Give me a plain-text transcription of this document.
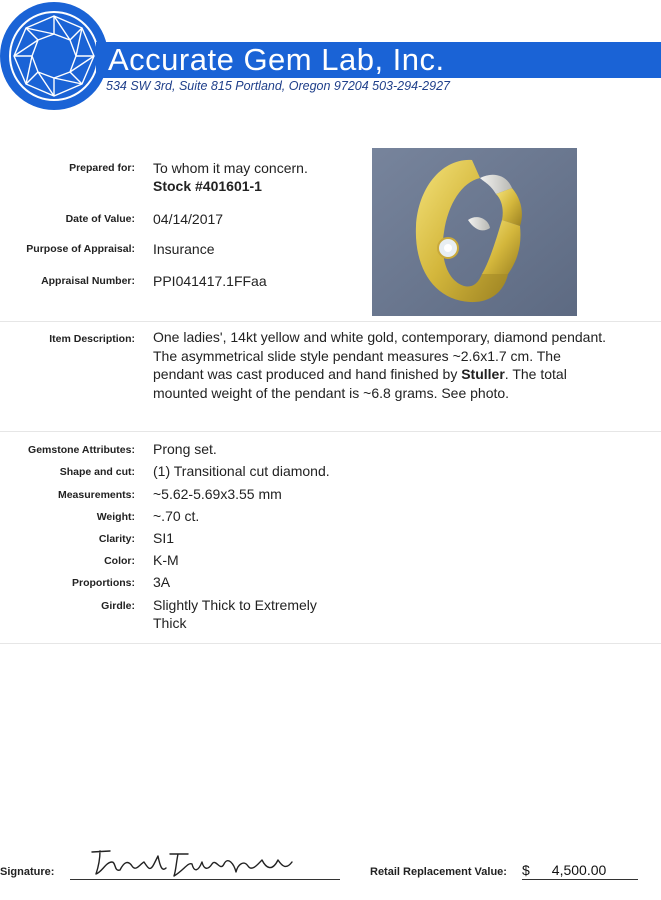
Accurate Gem Lab, Inc.
534 SW 3rd, Suite 815 Portland, Oregon 97204 503-294-2927
Prepared for: To whom it may concern.
Stock #401601-1
Date of Value: 04/14/2017
Purpose of Appraisal: Insurance
Appraisal Number: PPI041417.1FFaa
Item Description: One ladies', 14kt yellow and white gold, contemporary, diamond pendant. The asymmetrical slide style pendant measures ~2.6x1.7 cm. The pendant was cast produced and hand finished by Stuller. The total mounted weight of the pendant is ~6.8 grams. See photo.
Gemstone Attributes: Prong set.
Shape and cut: (1) Transitional cut diamond.
Measurements: ~5.62-5.69x3.55 mm
Weight: ~.70 ct.
Clarity: SI1
Color: K-M
Proportions: 3A
Girdle: Slightly Thick to Extremely
Thick
Signature:	Retail Replacement Value: $ 4,500.00
